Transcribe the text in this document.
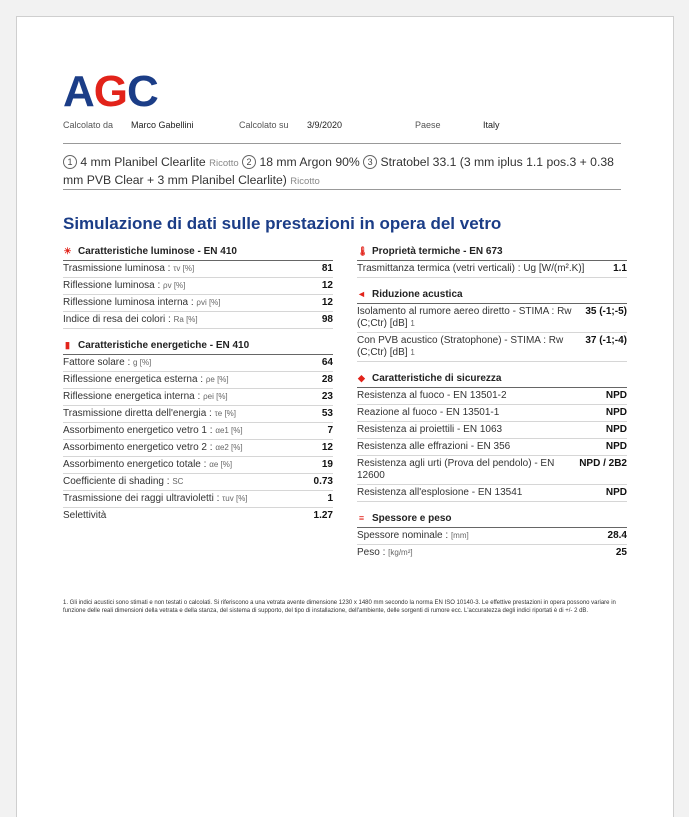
AGC
Calcolato da Marco Gabellini	Calcolato su 3/9/2020	Paese	Italy
1 4 mm Planibel Clearlite Ricotto 2 18 mm Argon 90% 3 Stratobel 33.1 (3 mm iplus 1.1 pos.3 + 0.38 mm PVB Clear + 3 mm Planibel Clearlite) Ricotto
Simulazione di dati sulle prestazioni in opera del vetro
☀ Caratteristiche luminose - EN 410
Trasmissione luminosa : τv [%]	81
Riflessione luminosa : ρv [%]	12
Riflessione luminosa interna : ρvi [%]	12
Indice di resa dei colori : Ra [%]	98
▮ Caratteristiche energetiche - EN 410
Fattore solare : g [%]	64
Riflessione energetica esterna : ρe [%]	28
Riflessione energetica interna : ρei [%]	23
Trasmissione diretta dell'energia : τe [%]	53
Assorbimento energetico vetro 1 : αe1 [%]	7
Assorbimento energetico vetro 2 : αe2 [%]	12
Assorbimento energetico totale : αe [%]	19
Coefficiente di shading : SC	0.73
Trasmissione dei raggi ultravioletti : τuv [%]	1
Selettività	1.27
🌡 Proprietà termiche - EN 673
Trasmittanza termica (vetri verticali) : Ug [W/(m².K)]	1.1
◄ Riduzione acustica
Isolamento al rumore aereo diretto - STIMA : Rw (C;Ctr) [dB] 1
35 (-1;-5)
Con PVB acustico (Stratophone) - STIMA : Rw (C;Ctr) [dB] 1
37 (-1;-4)
◆ Caratteristiche di sicurezza
Resistenza al fuoco - EN 13501-2	NPD
Reazione al fuoco - EN 13501-1	NPD
Resistenza ai proiettili - EN 1063	NPD
Resistenza alle effrazioni - EN 356	NPD
Resistenza agli urti (Prova del pendolo) - EN 12600
NPD / 2B2
Resistenza all'esplosione - EN 13541	NPD
≡ Spessore e peso
Spessore nominale : [mm]	28.4
Peso : [kg/m²]	25
1. Gli indici acustici sono stimati e non testati o calcolati. Si riferiscono a una vetrata avente dimensione 1230 x 1480 mm secondo la norma EN ISO 10140-3. Le effettive prestazioni in opera possono variare in funzione delle reali dimensioni della vetrata e della stanza, del sistema di supporto, del tipo di installazione, dell'ambiente, delle sorgenti di rumore ecc. L'accuratezza degli indici riportati è di +/- 2 dB.
